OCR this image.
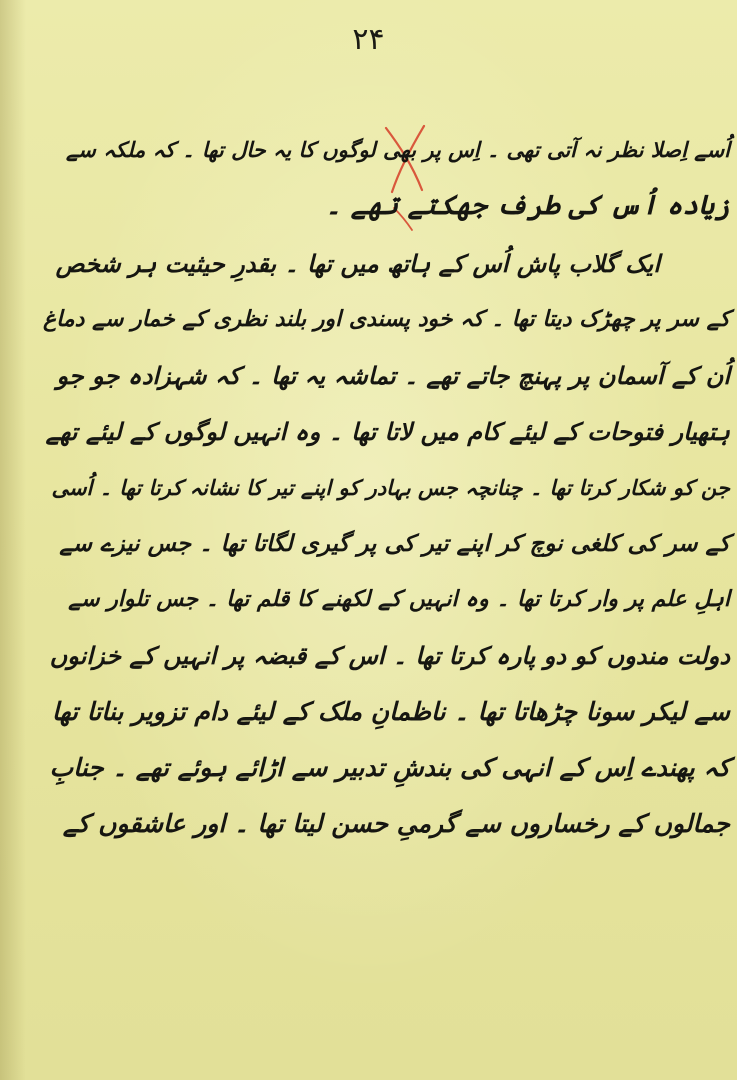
۲۴
اُسے اِصلا نظر نہ آتی تھی ۔ اِس پر بھی لوگوں کا یہ حال تھا ۔ کہ ملکہ سے
زیادہ اُس کی طرف جھکتے تھے ۔
ایک گلاب پاش اُس کے ہاتھ میں تھا ۔ بقدرِ حیثیت ہر شخص
کے سر پر چھڑک دیتا تھا ۔ کہ خود پسندی اور بلند نظری کے خمار سے دماغ
اُن کے آسمان پر پہنچ جاتے تھے ۔ تماشہ یہ تھا ۔ کہ شہزادہ جو جو
ہتھیار فتوحات کے لیئے کام میں لاتا تھا ۔ وہ انہیں لوگوں کے لیئے تھے
جن کو شکار کرتا تھا ۔ چنانچہ جس بہادر کو اپنے تیر کا نشانہ کرتا تھا ۔ اُسی
کے سر کی کلغی نوچ کر اپنے تیر کی پر گیری لگاتا تھا ۔ جس نیزے سے
اہلِ علم پر وار کرتا تھا ۔ وہ انہیں کے لکھنے کا قلم تھا ۔ جس تلوار سے
دولت مندوں کو دو پارہ کرتا تھا ۔ اس کے قبضہ پر انہیں کے خزانوں
سے لیکر سونا چڑھاتا تھا ۔ ناظمانِ ملک کے لیئے دام تزویر بناتا تھا
کہ پھندے اِس کے انہی کی بندشِ تدبیر سے اڑائے ہوئے تھے ۔ جنابِ
جمالوں کے رخساروں سے گرمیِ حسن لیتا تھا ۔ اور عاشقوں کے
